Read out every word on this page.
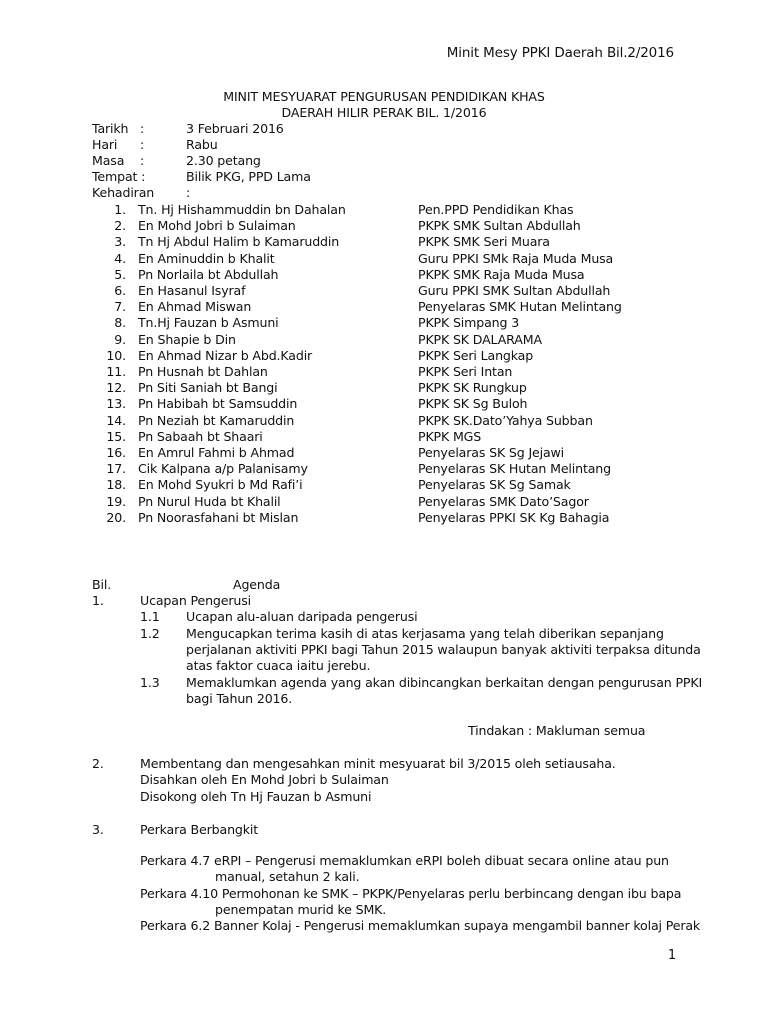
Minit Mesy PPKI Daerah Bil.2/2016
MINIT MESYUARAT PENGURUSAN PENDIDIKAN KHAS
DAERAH HILIR PERAK BIL. 1/2016
Tarikh :	3 Februari 2016
Hari :	Rabu
Masa :	2.30 petang
Tempat :	Bilik PKG, PPD Lama
Kehadiran	:
1. Tn. Hj Hishammuddin bn Dahalan	Pen.PPD Pendidikan Khas
2. En Mohd Jobri b Sulaiman	PKPK SMK Sultan Abdullah
3. Tn Hj Abdul Halim b Kamaruddin	PKPK SMK Seri Muara
4. En Aminuddin b Khalit	Guru PPKI SMk Raja Muda Musa
5. Pn Norlaila bt Abdullah	PKPK SMK Raja Muda Musa
6. En Hasanul Isyraf	Guru PPKI SMK Sultan Abdullah
7. En Ahmad Miswan	Penyelaras SMK Hutan Melintang
8. Tn.Hj Fauzan b Asmuni	PKPK Simpang 3
9. En Shapie b Din	PKPK SK DALARAMA
10. En Ahmad Nizar b Abd.Kadir	PKPK Seri Langkap
11. Pn Husnah bt Dahlan	PKPK Seri Intan
12. Pn Siti Saniah bt Bangi	PKPK SK Rungkup
13. Pn Habibah bt Samsuddin	PKPK SK Sg Buloh
14. Pn Neziah bt Kamaruddin	PKPK SK.Dato’Yahya Subban
15. Pn Sabaah bt Shaari	PKPK MGS
16. En Amrul Fahmi b Ahmad	Penyelaras SK Sg Jejawi
17. Cik Kalpana a/p Palanisamy	Penyelaras SK Hutan Melintang
18. En Mohd Syukri b Md Rafi’i	Penyelaras SK Sg Samak
19. Pn Nurul Huda bt Khalil	Penyelaras SMK Dato’Sagor
20. Pn Noorasfahani bt Mislan	Penyelaras PPKI SK Kg Bahagia
Bil.	Agenda
1.	Ucapan Pengerusi
1.1 Ucapan alu-aluan daripada pengerusi
1.2 Mengucapkan terima kasih di atas kerjasama yang telah diberikan sepanjang
perjalanan aktiviti PPKI bagi Tahun 2015 walaupun banyak aktiviti terpaksa ditunda
atas faktor cuaca iaitu jerebu.
1.3 Memaklumkan agenda yang akan dibincangkan berkaitan dengan pengurusan PPKI
bagi Tahun 2016.
Tindakan : Makluman semua
2.	Membentang dan mengesahkan minit mesyuarat bil 3/2015 oleh setiausaha.
Disahkan oleh En Mohd Jobri b Sulaiman
Disokong oleh Tn Hj Fauzan b Asmuni
3.	Perkara Berbangkit
Perkara 4.7 eRPI – Pengerusi memaklumkan eRPI boleh dibuat secara online atau pun
manual, setahun 2 kali.
Perkara 4.10 Permohonan ke SMK – PKPK/Penyelaras perlu berbincang dengan ibu bapa
penempatan murid ke SMK.
Perkara 6.2 Banner Kolaj - Pengerusi memaklumkan supaya mengambil banner kolaj Perak
1
